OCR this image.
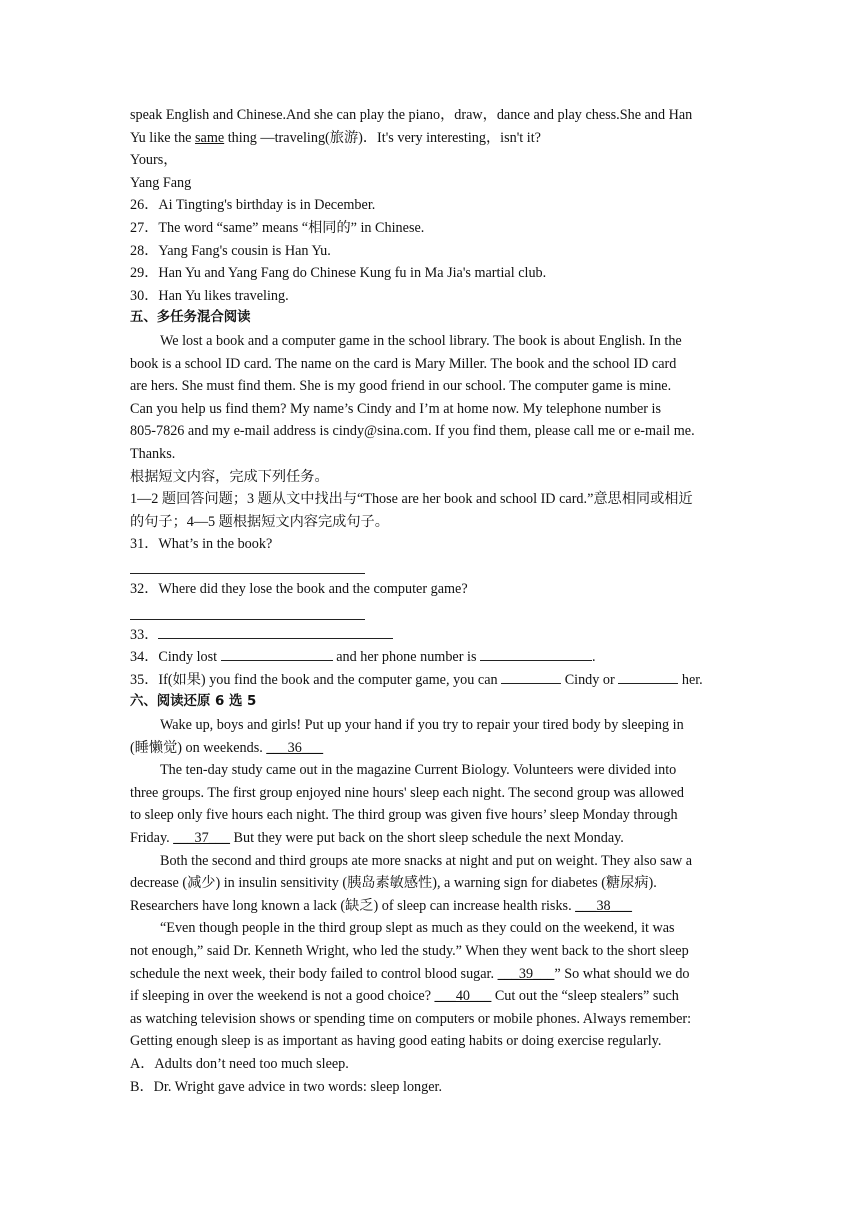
speak English and Chinese.And she can play the piano，draw，dance and play chess.She and Han
Yu like the same thing —traveling(旅游)．It's very interesting，isn't it?
Yours，
Yang Fang
26．Ai Tingting's birthday is in December.
27．The word “same” means “相同的” in Chinese.
28．Yang Fang's cousin is Han Yu.
29．Han Yu and Yang Fang do Chinese Kung fu in Ma Jia's martial club.
30．Han Yu likes traveling.
五、多任务混合阅读
We lost a book and a computer game in the school library. The book is about English. In the
book is a school ID card. The name on the card is Mary Miller. The book and the school ID card
are hers. She must find them. She is my good friend in our school. The computer game is mine.
Can you help us find them? My name’s Cindy and I’m at home now. My telephone number is
805-7826 and my e-mail address is cindy@sina.com. If you find them, please call me or e-mail me.
Thanks.
根据短文内容，完成下列任务。
1—2 题回答问题；3 题从文中找出与“Those are her book and school ID card.”意思相同或相近
的句子；4—5 题根据短文内容完成句子。
31．What’s in the book?
32．Where did they lose the book and the computer game?
33．
34．Cindy lost	and her phone number is	.
35．If(如果) you find the book and the computer game, you can	Cindy or	her.
六、阅读还原 6 选 5
Wake up, boys and girls! Put up your hand if you try to repair your tired body by sleeping in
(睡懒觉) on weekends. ___36___
The ten-day study came out in the magazine Current Biology. Volunteers were divided into
three groups. The first group enjoyed nine hours' sleep each night. The second group was allowed
to sleep only five hours each night. The third group was given five hours’ sleep Monday through
Friday. ___37___ But they were put back on the short sleep schedule the next Monday.
Both the second and third groups ate more snacks at night and put on weight. They also saw a
decrease (减少) in insulin sensitivity (胰岛素敏感性), a warning sign for diabetes (糖尿病).
Researchers have long known a lack (缺乏) of sleep can increase health risks. ___38___
“Even though people in the third group slept as much as they could on the weekend, it was
not enough,” said Dr. Kenneth Wright, who led the study.” When they went back to the short sleep
schedule the next week, their body failed to control blood sugar. ___39___” So what should we do
if sleeping in over the weekend is not a good choice? ___40___ Cut out the “sleep stealers” such
as watching television shows or spending time on computers or mobile phones. Always remember:
Getting enough sleep is as important as having good eating habits or doing exercise regularly.
A．Adults don’t need too much sleep.
B．Dr. Wright gave advice in two words: sleep longer.
